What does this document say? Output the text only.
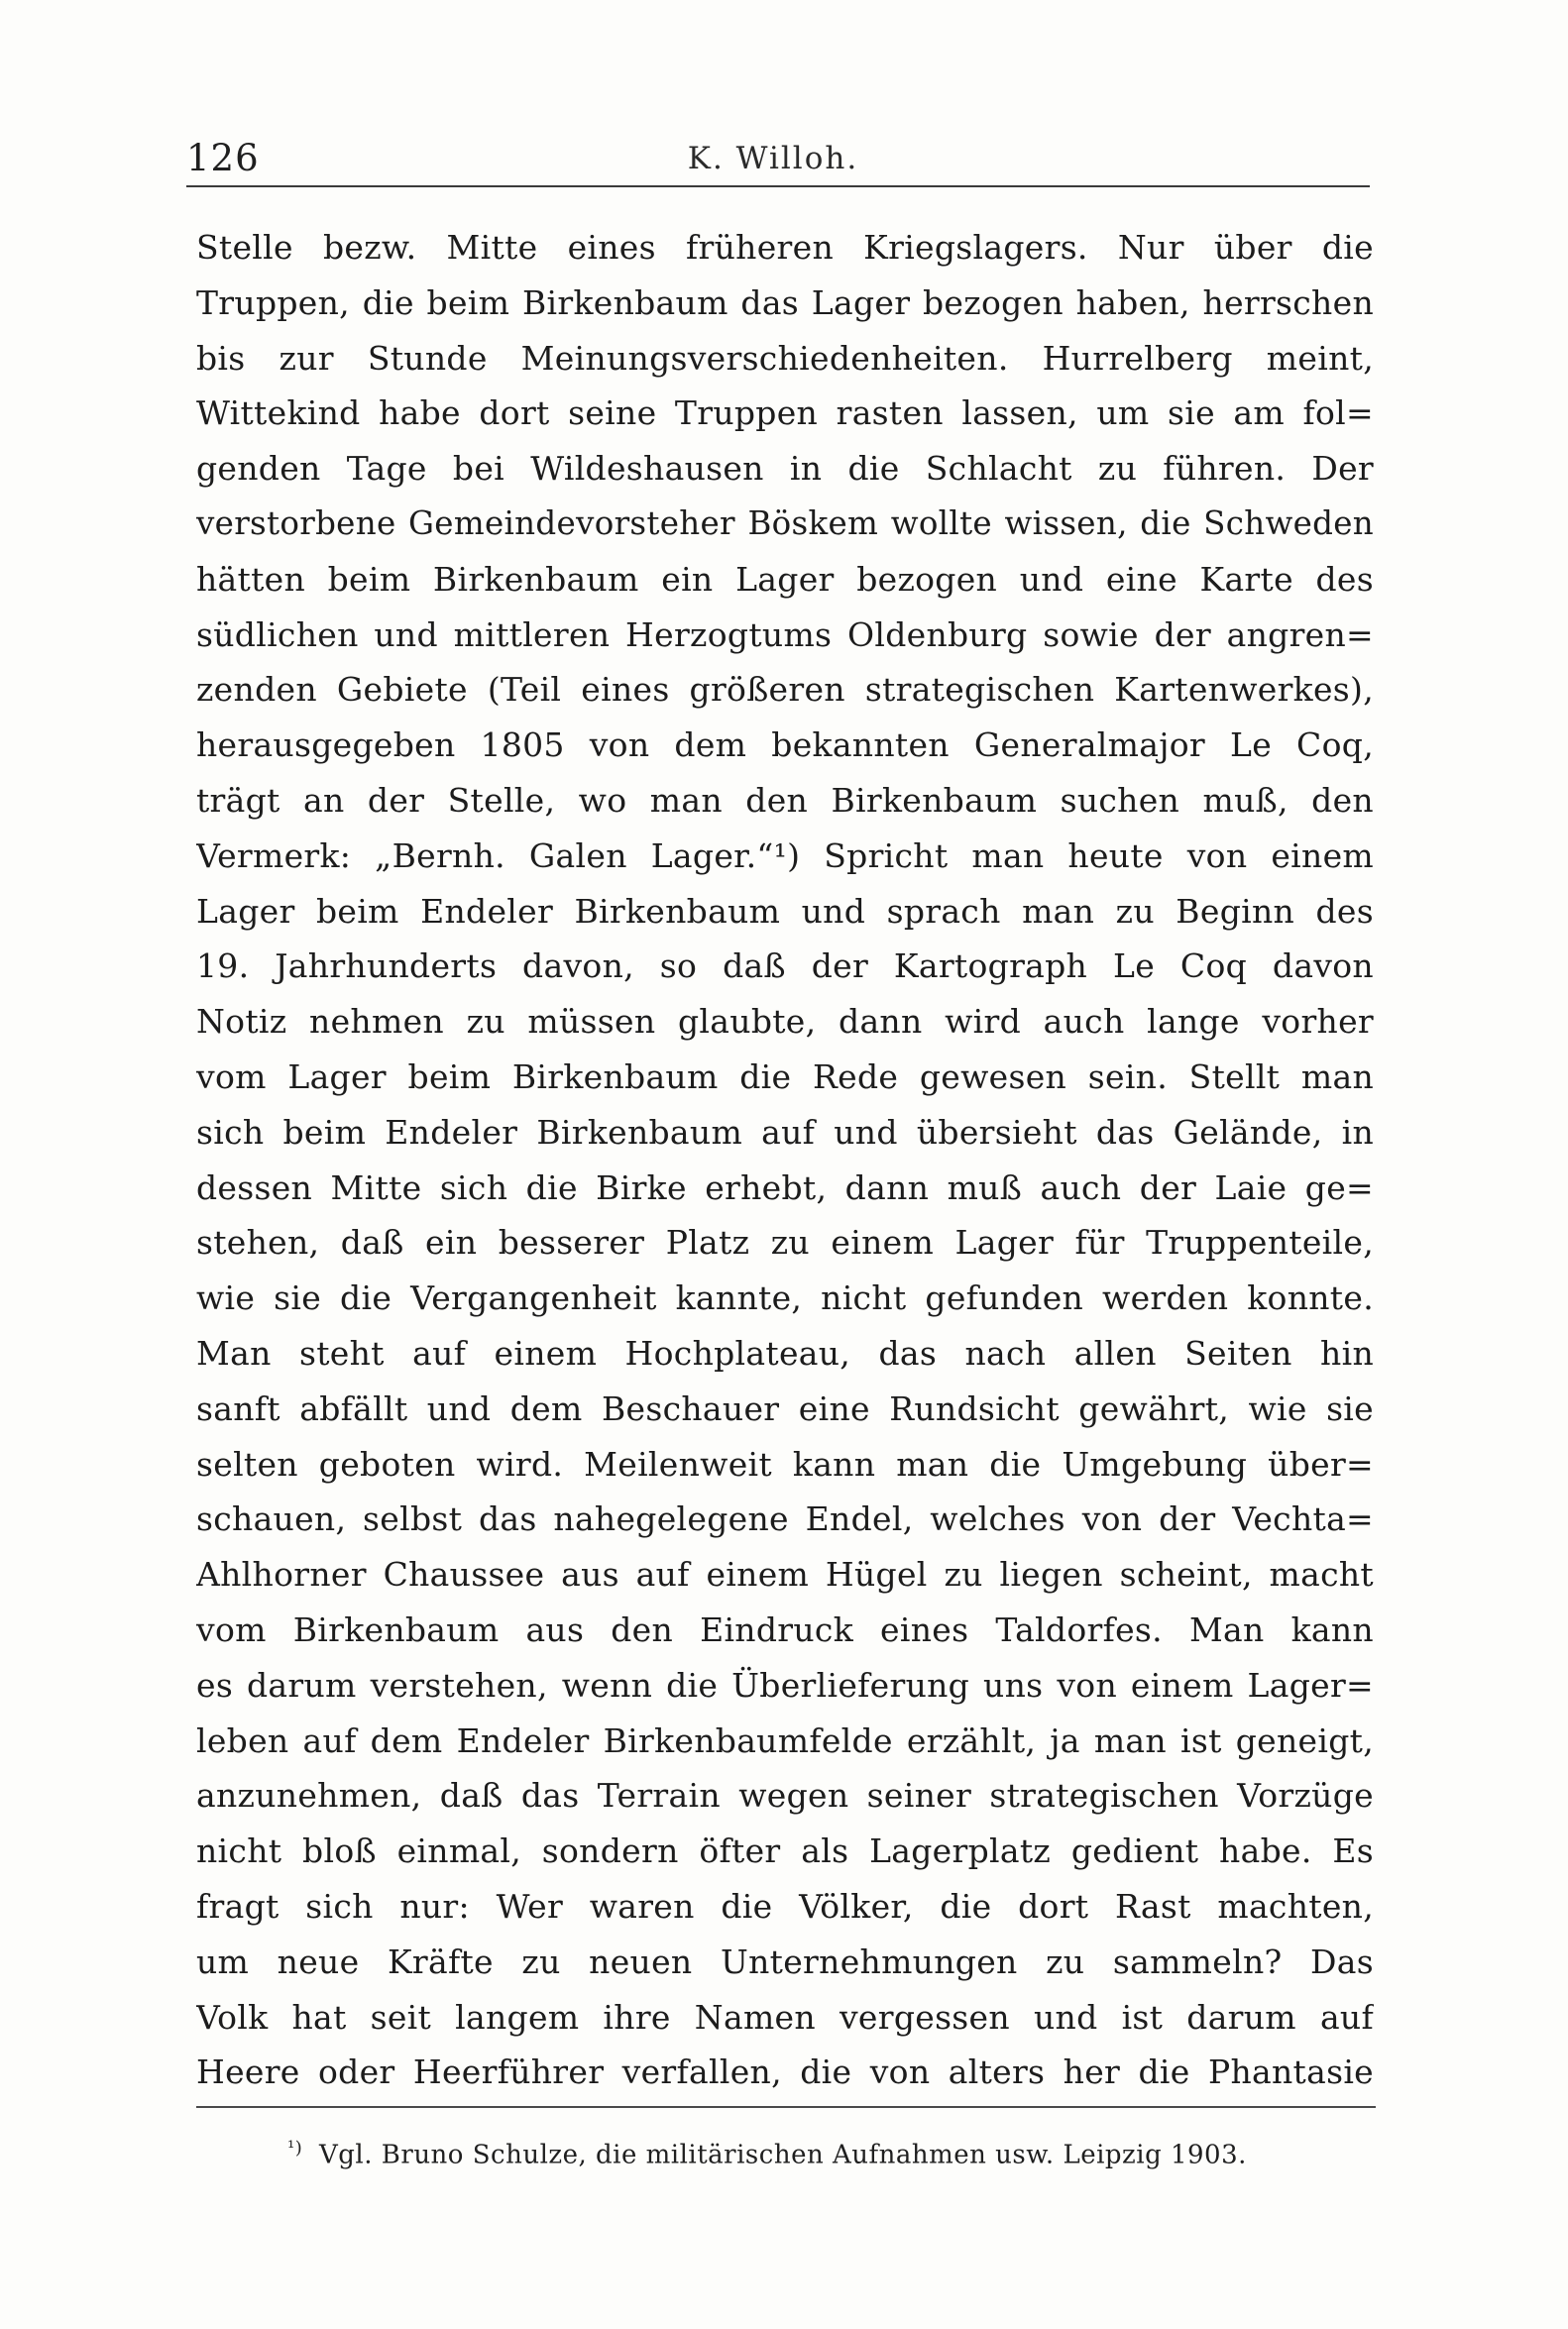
126	K. Willoh.
Stelle bezw. Mitte eines früheren Kriegslagers. Nur über die
Truppen, die beim Birkenbaum das Lager bezogen haben, herrschen
bis zur Stunde Meinungsverschiedenheiten. Hurrelberg meint,
Wittekind habe dort seine Truppen rasten lassen, um sie am fol=
genden Tage bei Wildeshausen in die Schlacht zu führen. Der
verstorbene Gemeindevorsteher Böskem wollte wissen, die Schweden
hätten beim Birkenbaum ein Lager bezogen und eine Karte des
südlichen und mittleren Herzogtums Oldenburg sowie der angren=
zenden Gebiete (Teil eines größeren strategischen Kartenwerkes),
herausgegeben 1805 von dem bekannten Generalmajor Le Coq,
trägt an der Stelle, wo man den Birkenbaum suchen muß, den
Vermerk: „Bernh. Galen Lager.“¹) Spricht man heute von einem
Lager beim Endeler Birkenbaum und sprach man zu Beginn des
19. Jahrhunderts davon, so daß der Kartograph Le Coq davon
Notiz nehmen zu müssen glaubte, dann wird auch lange vorher
vom Lager beim Birkenbaum die Rede gewesen sein. Stellt man
sich beim Endeler Birkenbaum auf und übersieht das Gelände, in
dessen Mitte sich die Birke erhebt, dann muß auch der Laie ge=
stehen, daß ein besserer Platz zu einem Lager für Truppenteile,
wie sie die Vergangenheit kannte, nicht gefunden werden konnte.
Man steht auf einem Hochplateau, das nach allen Seiten hin
sanft abfällt und dem Beschauer eine Rundsicht gewährt, wie sie
selten geboten wird. Meilenweit kann man die Umgebung über=
schauen, selbst das nahegelegene Endel, welches von der Vechta=
Ahlhorner Chaussee aus auf einem Hügel zu liegen scheint, macht
vom Birkenbaum aus den Eindruck eines Taldorfes. Man kann
es darum verstehen, wenn die Überlieferung uns von einem Lager=
leben auf dem Endeler Birkenbaumfelde erzählt, ja man ist geneigt,
anzunehmen, daß das Terrain wegen seiner strategischen Vorzüge
nicht bloß einmal, sondern öfter als Lagerplatz gedient habe. Es
fragt sich nur: Wer waren die Völker, die dort Rast machten,
um neue Kräfte zu neuen Unternehmungen zu sammeln? Das
Volk hat seit langem ihre Namen vergessen und ist darum auf
Heere oder Heerführer verfallen, die von alters her die Phantasie
$^{^1)}$ Vgl. Bruno Schulze, die militärischen Aufnahmen usw. Leipzig 1903.
